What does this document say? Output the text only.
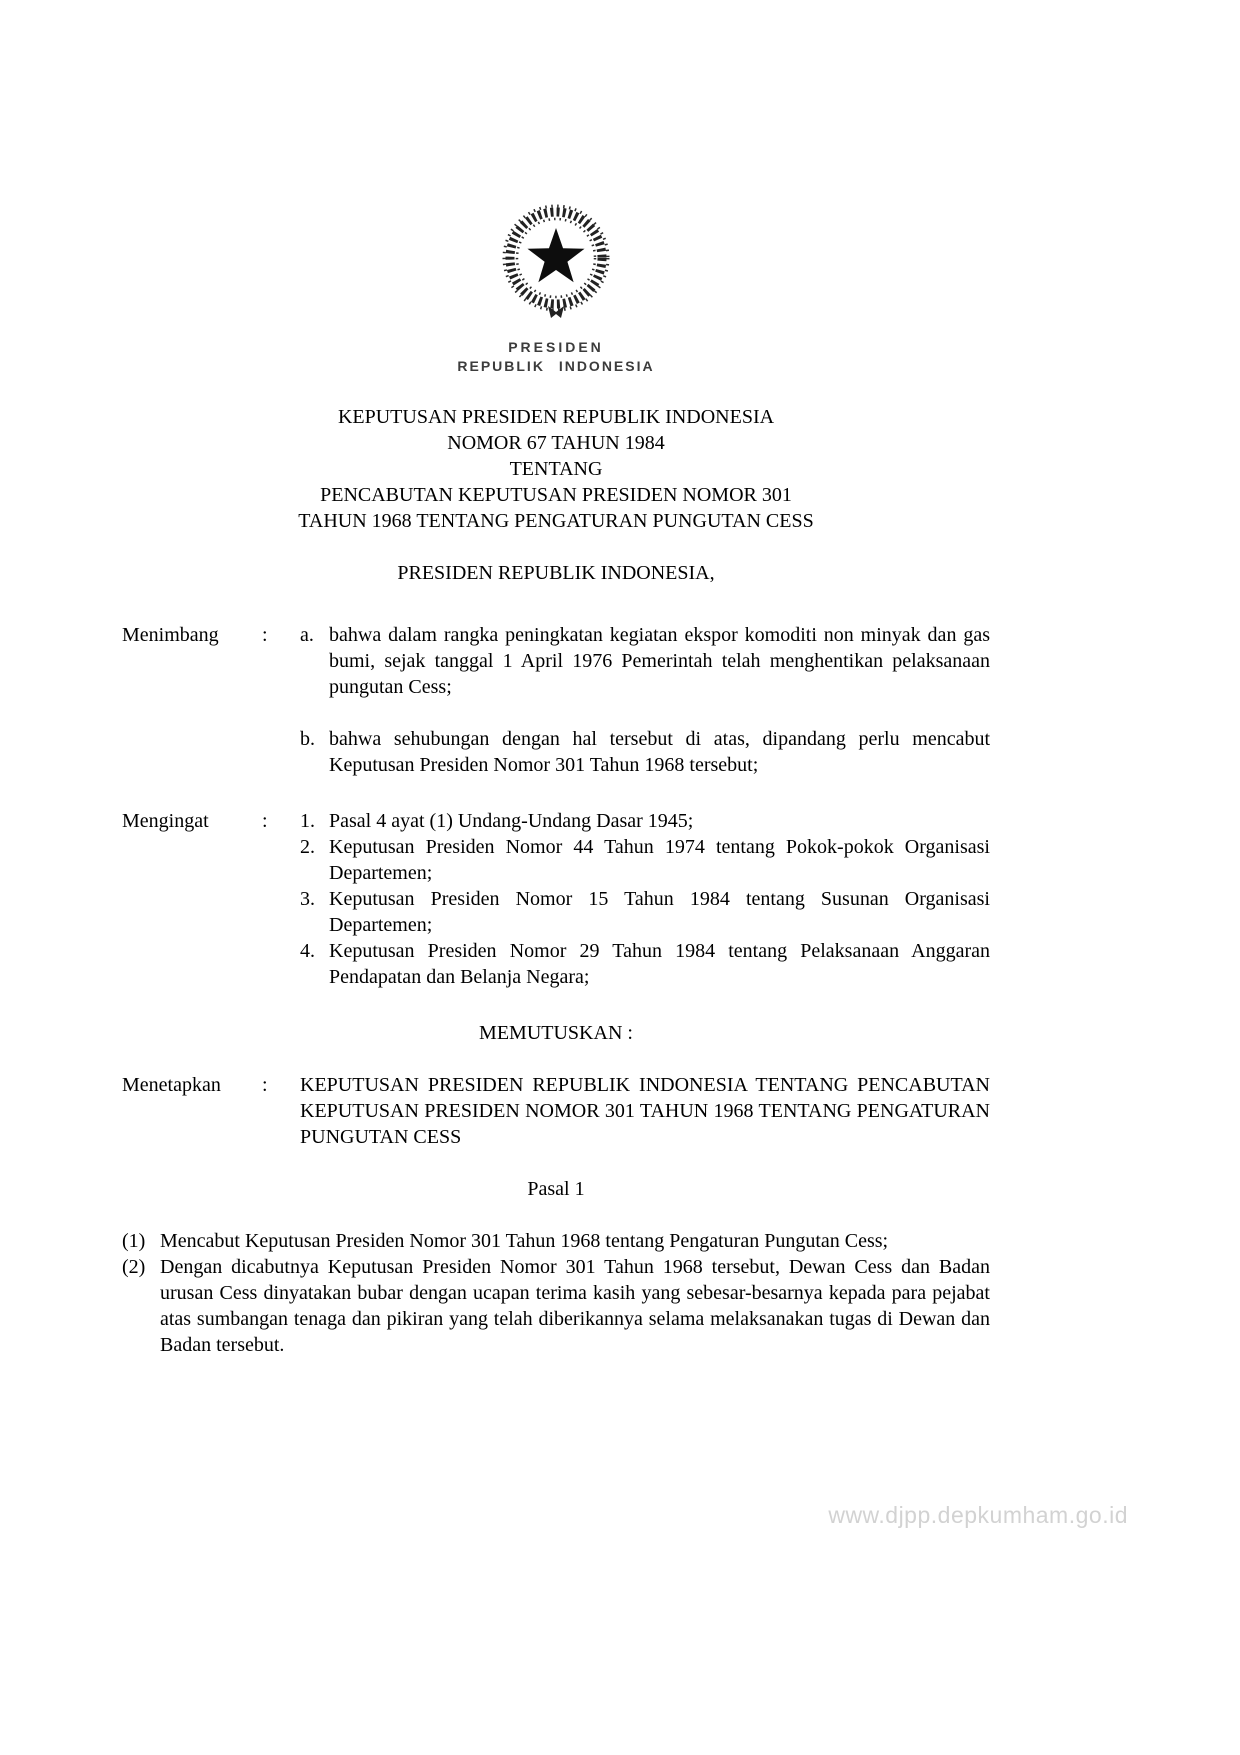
PRESIDEN
REPUBLIK INDONESIA
KEPUTUSAN PRESIDEN REPUBLIK INDONESIA
NOMOR 67 TAHUN 1984
TENTANG
PENCABUTAN KEPUTUSAN PRESIDEN NOMOR 301
TAHUN 1968 TENTANG PENGATURAN PUNGUTAN CESS
PRESIDEN REPUBLIK INDONESIA,
Menimbang	:	a. bahwa dalam rangka peningkatan kegiatan ekspor komoditi non minyak dan gas bumi, sejak tanggal 1 April 1976 Pemerintah telah menghentikan pelaksanaan pungutan Cess;
b. bahwa sehubungan dengan hal tersebut di atas, dipandang perlu mencabut Keputusan Presiden Nomor 301 Tahun 1968 tersebut;
Mengingat	:	1. Pasal 4 ayat (1) Undang-Undang Dasar 1945;
2. Keputusan Presiden Nomor 44 Tahun 1974 tentang Pokok-pokok Organisasi Departemen;
3. Keputusan Presiden Nomor 15 Tahun 1984 tentang Susunan Organisasi Departemen;
4. Keputusan Presiden Nomor 29 Tahun 1984 tentang Pelaksanaan Anggaran Pendapatan dan Belanja Negara;
MEMUTUSKAN :
Menetapkan	:	KEPUTUSAN PRESIDEN REPUBLIK INDONESIA TENTANG PENCABUTAN KEPUTUSAN PRESIDEN NOMOR 301 TAHUN 1968 TENTANG PENGATURAN PUNGUTAN CESS
Pasal 1
(1) Mencabut Keputusan Presiden Nomor 301 Tahun 1968 tentang Pengaturan Pungutan Cess;
(2) Dengan dicabutnya Keputusan Presiden Nomor 301 Tahun 1968 tersebut, Dewan Cess dan Badan urusan Cess dinyatakan bubar dengan ucapan terima kasih yang sebesar-besarnya kepada para pejabat atas sumbangan tenaga dan pikiran yang telah diberikannya selama melaksanakan tugas di Dewan dan Badan tersebut.
www.djpp.depkumham.go.id
